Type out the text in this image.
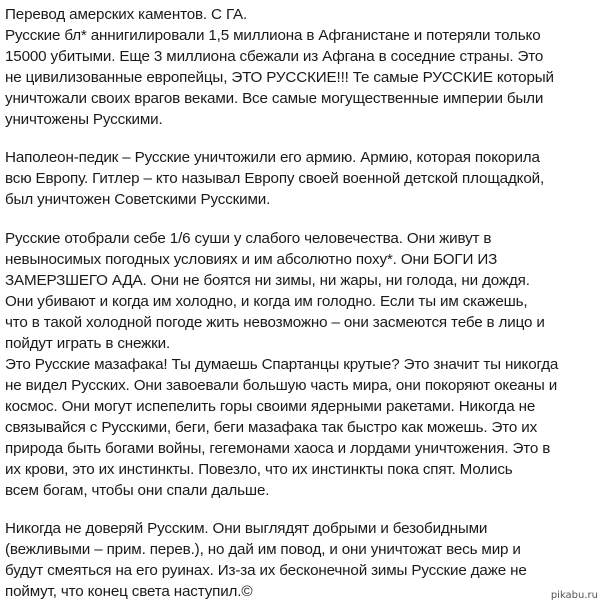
Перевод амерских каментов. С ГА.
Русские бл* аннигилировали 1,5 миллиона в Афганистане и потеряли только
15000 убитыми. Еще 3 миллиона сбежали из Афгана в соседние страны. Это
не цивилизованные европейцы, ЭТО РУССКИЕ!!! Те самые РУССКИЕ который
уничтожали своих врагов веками. Все самые могущественные империи были
уничтожены Русскими.
Наполеон-педик – Русские уничтожили его армию. Армию, которая покорила
всю Европу. Гитлер – кто называл Европу своей военной детской площадкой,
был уничтожен Советскими Русскими.
Русские отобрали себе 1/6 суши у слабого человечества. Они живут в
невыносимых погодных условиях и им абсолютно поху*. Они БОГИ ИЗ
ЗАМЕРЗШЕГО АДА. Они не боятся ни зимы, ни жары, ни голода, ни дождя.
Они убивают и когда им холодно, и когда им голодно. Если ты им скажешь,
что в такой холодной погоде жить невозможно – они засмеются тебе в лицо и
пойдут играть в снежки.
Это Русские мазафака! Ты думаешь Спартанцы крутые? Это значит ты никогда
не видел Русских. Они завоевали большую часть мира, они покоряют океаны и
космос. Они могут испепелить горы своими ядерными ракетами. Никогда не
связывайся с Русскими, беги, беги мазафака так быстро как можешь. Это их
природа быть богами войны, гегемонами хаоса и лордами уничтожения. Это в
их крови, это их инстинкты. Повезло, что их инстинкты пока спят. Молись
всем богам, чтобы они спали дальше.
Никогда не доверяй Русским. Они выглядят добрыми и безобидными
(вежливыми – прим. перев.), но дай им повод, и они уничтожат весь мир и
будут смеяться на его руинах. Из-за их бесконечной зимы Русские даже не
поймут, что конец света наступил.©	pikabu.ru
